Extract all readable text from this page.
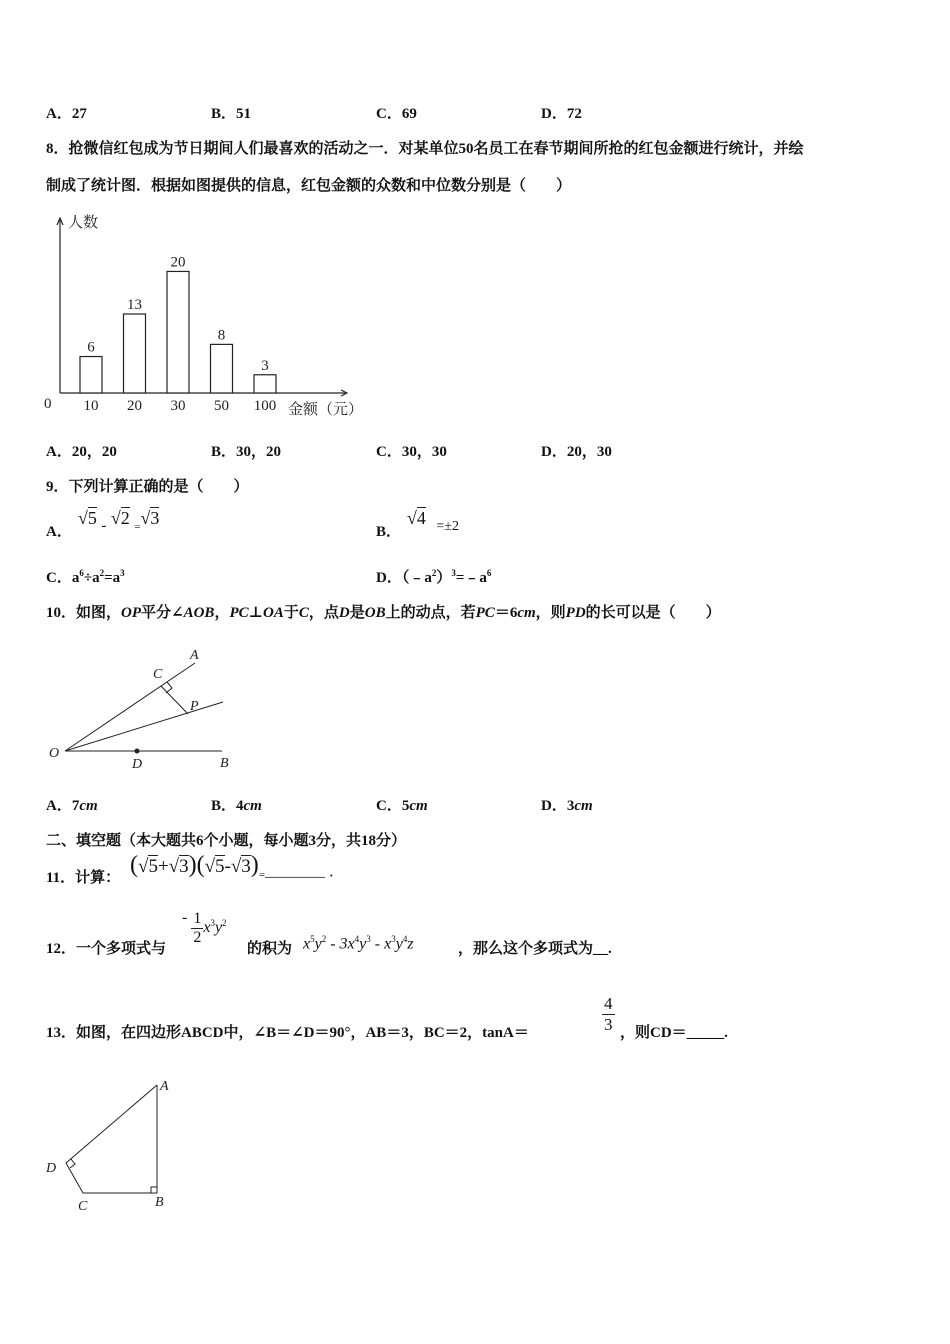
A．27	B．51	C．69	D．72
8．抢微信红包成为节日期间人们最喜欢的活动之一．对某单位50名员工在春节期间所抢的红包金额进行统计，并绘
制成了统计图．根据如图提供的信息，红包金额的众数和中位数分别是（　　）
人数
金额（元）
0
6
10
13
20
20
30
8
50
3
100
A．20，20	B．30，20	C．30，30	D．20，30
9．下列计算正确的是（　　）
A．
√5 $_-$ √2 $_=$√3
B．
√4 $_{=\pm 2}$
C．$a^6\div a^2=a^3$	D．$(﹣a^2)^3=﹣a^6$
10．如图，OP平分∠AOB，PC⊥OA于C，点D是OB上的动点，若PC＝6cm，则PD的长可以是（　　）
A
C
P
O
D	B
A．7cm	B．4cm	C．5cm	D．3cm
二、填空题（本大题共6个小题，每小题3分，共18分）
11．计算： $(√5+√3)(√5-√3)_{=\_\_\_\_\_\_\_\_}$ $_.$
12．一个多项式与
- $\frac{1}{2} x^3y^2$
的积为 $x^5y^2 - 3x^4y^3 - x^3y^4z$	，那么这个多项式为__.
13．如图，在四边形ABCD中，∠B＝∠D＝90°，AB＝3，BC＝2，tanA＝	$\frac{4}{3}$ ，则CD＝_____.
A
B
C
D
